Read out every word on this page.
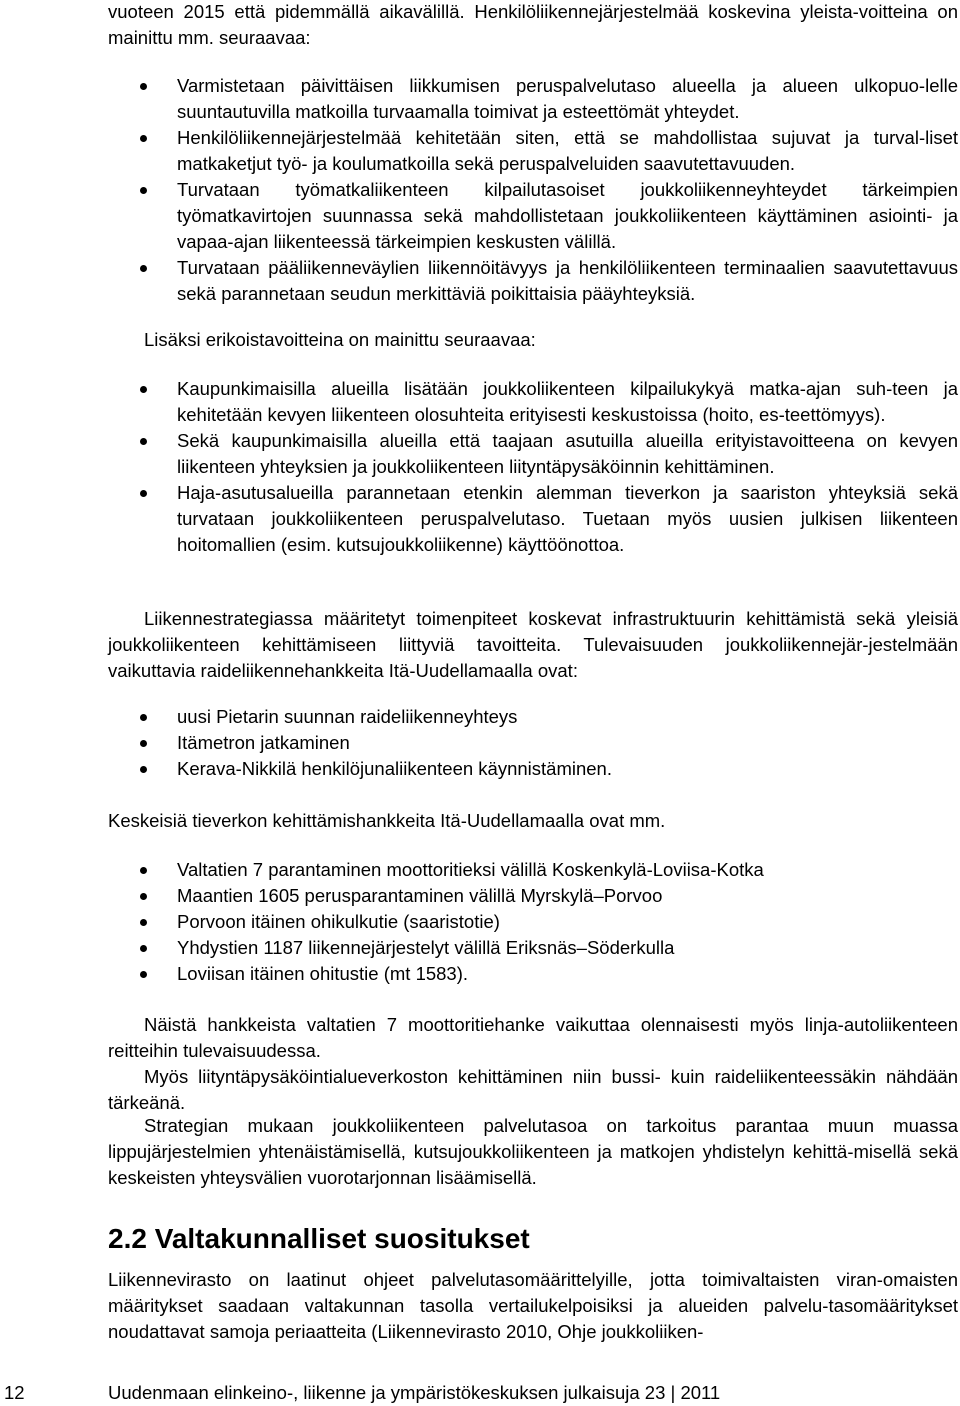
vuoteen 2015 että pidemmällä aikavälillä. Henkilöliikennejärjestelmää koskevina yleista-voitteina on mainittu mm. seuraavaa:

Varmistetaan päivittäisen liikkumisen peruspalvelutaso alueella ja alueen ulkopuo-lelle suuntautuvilla matkoilla turvaamalla toimivat ja esteettömät yhteydet.
Henkilöliikennejärjestelmää kehitetään siten, että se mahdollistaa sujuvat ja turval-liset matkaketjut työ- ja koulumatkoilla sekä peruspalveluiden saavutettavuuden.
Turvataan työmatkaliikenteen kilpailutasoiset joukkoliikenneyhteydet tärkeimpien työmatkavirtojen suunnassa sekä mahdollistetaan joukkoliikenteen käyttäminen asiointi- ja vapaa-ajan liikenteessä tärkeimpien keskusten välillä.
Turvataan pääliikenneväylien liikennöitävyys ja henkilöliikenteen terminaalien saavutettavuus sekä parannetaan seudun merkittäviä poikittaisia pääyhteyksiä.

Lisäksi erikoistavoitteina on mainittu seuraavaa:

Kaupunkimaisilla alueilla lisätään joukkoliikenteen kilpailukykyä matka-ajan suh-teen ja kehitetään kevyen liikenteen olosuhteita erityisesti keskustoissa (hoito, es-teettömyys).
Sekä kaupunkimaisilla alueilla että taajaan asutuilla alueilla erityistavoitteena on kevyen liikenteen yhteyksien ja joukkoliikenteen liityntäpysäköinnin kehittäminen.
Haja-asutusalueilla parannetaan etenkin alemman tieverkon ja saariston yhteyksiä sekä turvataan joukkoliikenteen peruspalvelutaso. Tuetaan myös uusien julkisen liikenteen hoitomallien (esim. kutsujoukkoliikenne) käyttöönottoa.

Liikennestrategiassa määritetyt toimenpiteet koskevat infrastruktuurin kehittämistä sekä yleisiä joukkoliikenteen kehittämiseen liittyviä tavoitteita. Tulevaisuuden joukkoliikennejär-jestelmään vaikuttavia raideliikennehankkeita Itä-Uudellamaalla ovat:

uusi Pietarin suunnan raideliikenneyhteys
Itämetron jatkaminen
Kerava-Nikkilä henkilöjunaliikenteen käynnistäminen.

Keskeisiä tieverkon kehittämishankkeita Itä-Uudellamaalla ovat mm.

Valtatien 7 parantaminen moottoritieksi välillä Koskenkylä-Loviisa-Kotka
Maantien 1605 perusparantaminen välillä Myrskylä–Porvoo
Porvoon itäinen ohikulkutie (saaristotie)
Yhdystien 1187 liikennejärjestelyt välillä Eriksnäs–Söderkulla
Loviisan itäinen ohitustie (mt 1583).

Näistä hankkeista valtatien 7 moottoritiehanke vaikuttaa olennaisesti myös linja-autoliikenteen reitteihin tulevaisuudessa.

Myös liityntäpysäköintialueverkoston kehittäminen niin bussi- kuin raideliikenteessäkin nähdään tärkeänä.

Strategian mukaan joukkoliikenteen palvelutasoa on tarkoitus parantaa muun muassa lippujärjestelmien yhtenäistämisellä, kutsujoukkoliikenteen ja matkojen yhdistelyn kehittä-misellä sekä keskeisten yhteysvälien vuorotarjonnan lisäämisellä.

2.2 Valtakunnalliset suositukset

Liikennevirasto on laatinut ohjeet palvelutasomäärittelyille, jotta toimivaltaisten viran-omaisten määritykset saadaan valtakunnan tasolla vertailukelpoisiksi ja alueiden palvelu-tasomääritykset noudattavat samoja periaatteita (Liikennevirasto 2010, Ohje joukkoliiken-

12	Uudenmaan elinkeino-, liikenne ja ympäristökeskuksen julkaisuja 23 | 2011
